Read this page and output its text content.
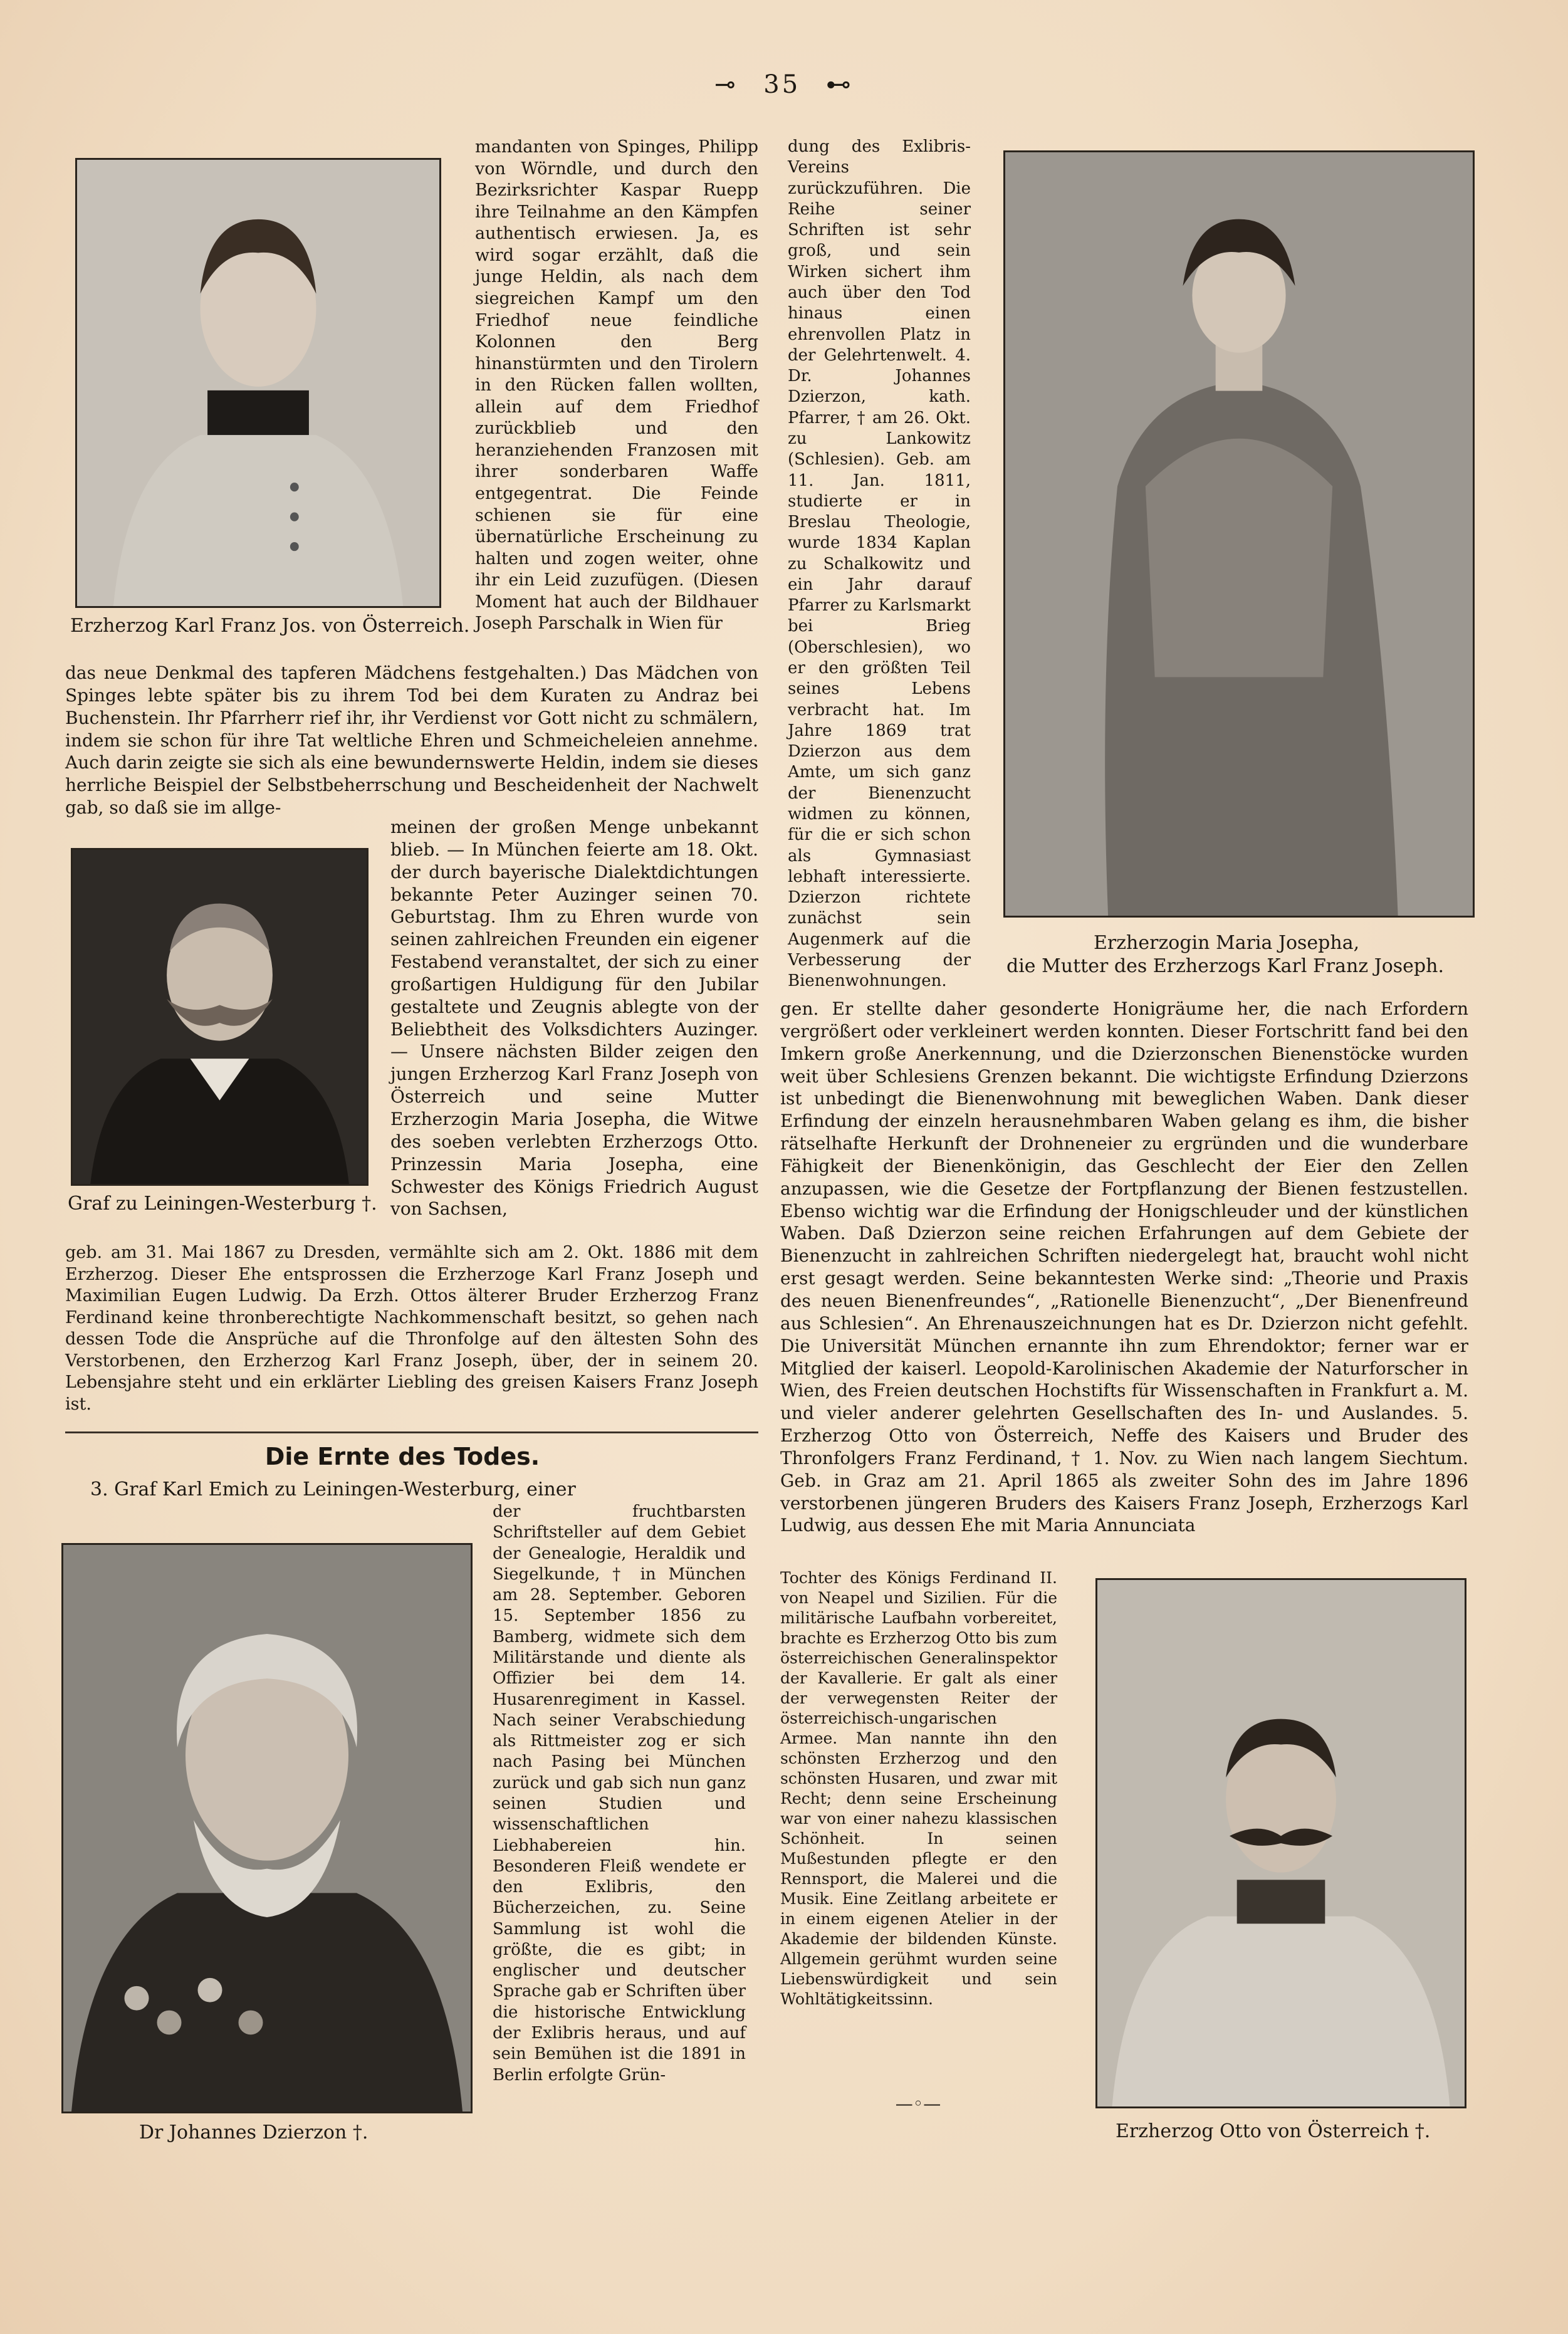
⊸ 35 ⊷
Erzherzog Karl Franz Jos. von Österreich.
Erzherzogin Maria Josepha,
die Mutter des Erzherzogs Karl Franz Joseph.
Graf zu Leiningen-Westerburg †.
Dr Johannes Dzierzon †.	Erzherzog Otto von Österreich †.

mandanten von Spinges, Philipp von Wörndle, und durch den Bezirksrichter Kaspar Ruepp ihre Teilnahme an den Kämpfen authentisch erwiesen. Ja, es wird sogar erzählt, daß die junge Heldin, als nach dem siegreichen Kampf um den Friedhof neue feindliche Kolonnen den Berg hinanstürmten und den Tirolern in den Rücken fallen wollten, allein auf dem Friedhof zurückblieb und den heranziehenden Franzosen mit ihrer sonderbaren Waffe entgegentrat. Die Feinde schienen sie für eine übernatürliche Erscheinung zu halten und zogen weiter, ohne ihr ein Leid zuzufügen. (Diesen Moment hat auch der Bildhauer Joseph Parschalk in Wien für

dung des Exlibris-Vereins zurückzuführen. Die Reihe seiner Schriften ist sehr groß, und sein Wirken sichert ihm auch über den Tod hinaus einen ehrenvollen Platz in der Gelehrtenwelt. 4. Dr. Johannes Dzierzon, kath. Pfarrer, † am 26. Okt. zu Lankowitz (Schlesien). Geb. am 11. Jan. 1811, studierte er in Breslau Theologie, wurde 1834 Kaplan zu Schalkowitz und ein Jahr darauf Pfarrer zu Karlsmarkt bei Brieg (Oberschlesien), wo er den größten Teil seines Lebens verbracht hat. Im Jahre 1869 trat Dzierzon aus dem Amte, um sich ganz der Bienenzucht widmen zu können, für die er sich schon als Gymnasiast lebhaft interessierte. Dzierzon richtete zunächst sein Augenmerk auf die Verbesserung der Bienenwohnungen.

das neue Denkmal des tapferen Mädchens festgehalten.) Das Mädchen von Spinges lebte später bis zu ihrem Tod bei dem Kuraten zu Andraz bei Buchenstein. Ihr Pfarrherr rief ihr, ihr Verdienst vor Gott nicht zu schmälern, indem sie schon für ihre Tat weltliche Ehren und Schmeicheleien annehme. Auch darin zeigte sie sich als eine bewundernswerte Heldin, indem sie dieses herrliche Beispiel der Selbstbeherrschung und Bescheidenheit der Nachwelt gab, so daß sie im allge-

meinen der großen Menge unbekannt blieb. — In München feierte am 18. Okt. der durch bayerische Dialektdichtungen bekannte Peter Auzinger seinen 70. Geburtstag. Ihm zu Ehren wurde von seinen zahlreichen Freunden ein eigener Festabend veranstaltet, der sich zu einer großartigen Huldigung für den Jubilar gestaltete und Zeugnis ablegte von der Beliebtheit des Volksdichters Auzinger. — Unsere nächsten Bilder zeigen den jungen Erzherzog Karl Franz Joseph von Österreich und seine Mutter Erzherzogin Maria Josepha, die Witwe des soeben verlebten Erzherzogs Otto. Prinzessin Maria Josepha, eine Schwester des Königs Friedrich August von Sachsen,

geb. am 31. Mai 1867 zu Dresden, vermählte sich am 2. Okt. 1886 mit dem Erzherzog. Dieser Ehe entsprossen die Erzherzoge Karl Franz Joseph und Maximilian Eugen Ludwig. Da Erzh. Ottos älterer Bruder Erzherzog Franz Ferdinand keine thronberechtigte Nachkommenschaft besitzt, so gehen nach dessen Tode die Ansprüche auf die Thronfolge auf den ältesten Sohn des Verstorbenen, den Erzherzog Karl Franz Joseph, über, der in seinem 20. Lebensjahre steht und ein erklärter Liebling des greisen Kaisers Franz Joseph ist.

gen. Er stellte daher gesonderte Honigräume her, die nach Erfordern vergrößert oder verkleinert werden konnten. Dieser Fortschritt fand bei den Imkern große Anerkennung, und die Dzierzonschen Bienenstöcke wurden weit über Schlesiens Grenzen bekannt. Die wichtigste Erfindung Dzierzons ist unbedingt die Bienenwohnung mit beweglichen Waben. Dank dieser Erfindung der einzeln herausnehmbaren Waben gelang es ihm, die bisher rätselhafte Herkunft der Drohneneier zu ergründen und die wunderbare Fähigkeit der Bienenkönigin, das Geschlecht der Eier den Zellen anzupassen, wie die Gesetze der Fortpflanzung der Bienen festzustellen. Ebenso wichtig war die Erfindung der Honigschleuder und der künstlichen Waben. Daß Dzierzon seine reichen Erfahrungen auf dem Gebiete der Bienenzucht in zahlreichen Schriften niedergelegt hat, braucht wohl nicht erst gesagt werden. Seine bekanntesten Werke sind: „Theorie und Praxis des neuen Bienenfreundes“, „Rationelle Bienenzucht“, „Der Bienenfreund aus Schlesien“. An Ehrenauszeichnungen hat es Dr. Dzierzon nicht gefehlt. Die Universität München ernannte ihn zum Ehrendoktor; ferner war er Mitglied der kaiserl. Leopold-Karolinischen Akademie der Naturforscher in Wien, des Freien deutschen Hochstifts für Wissenschaften in Frankfurt a. M. und vieler anderer gelehrten Gesellschaften des In- und Auslandes. 5. Erzherzog Otto von Österreich, Neffe des Kaisers und Bruder des Thronfolgers Franz Ferdinand, † 1. Nov. zu Wien nach langem Siechtum. Geb. in Graz am 21. April 1865 als zweiter Sohn des im Jahre 1896 verstorbenen jüngeren Bruders des Kaisers Franz Joseph, Erzherzogs Karl Ludwig, aus dessen Ehe mit Maria Annunciata

Die Ernte des Todes.

3. Graf Karl Emich zu Leiningen-Westerburg, einer

der fruchtbarsten Schriftsteller auf dem Gebiet der Genealogie, Heraldik und Siegelkunde, † in München am 28. September. Geboren 15. September 1856 zu Bamberg, widmete sich dem Militärstande und diente als Offizier bei dem 14. Husarenregiment in Kassel. Nach seiner Verabschiedung als Rittmeister zog er sich nach Pasing bei München zurück und gab sich nun ganz seinen Studien und wissenschaftlichen Liebhabereien hin. Besonderen Fleiß wendete er den Exlibris, den Bücherzeichen, zu. Seine Sammlung ist wohl die größte, die es gibt; in englischer und deutscher Sprache gab er Schriften über die historische Entwicklung der Exlibris heraus, und auf sein Bemühen ist die 1891 in Berlin erfolgte Grün-

Tochter des Königs Ferdinand II. von Neapel und Sizilien. Für die militärische Laufbahn vorbereitet, brachte es Erzherzog Otto bis zum österreichischen Generalinspektor der Kavallerie. Er galt als einer der verwegensten Reiter der österreichisch-ungarischen Armee. Man nannte ihn den schönsten Erzherzog und den schönsten Husaren, und zwar mit Recht; denn seine Erscheinung war von einer nahezu klassischen Schönheit. In seinen Mußestunden pflegte er den Rennsport, die Malerei und die Musik. Eine Zeitlang arbeitete er in einem eigenen Atelier in der Akademie der bildenden Künste. Allgemein gerühmt wurden seine Liebenswürdigkeit und sein Wohltätigkeitssinn.

—◦—
